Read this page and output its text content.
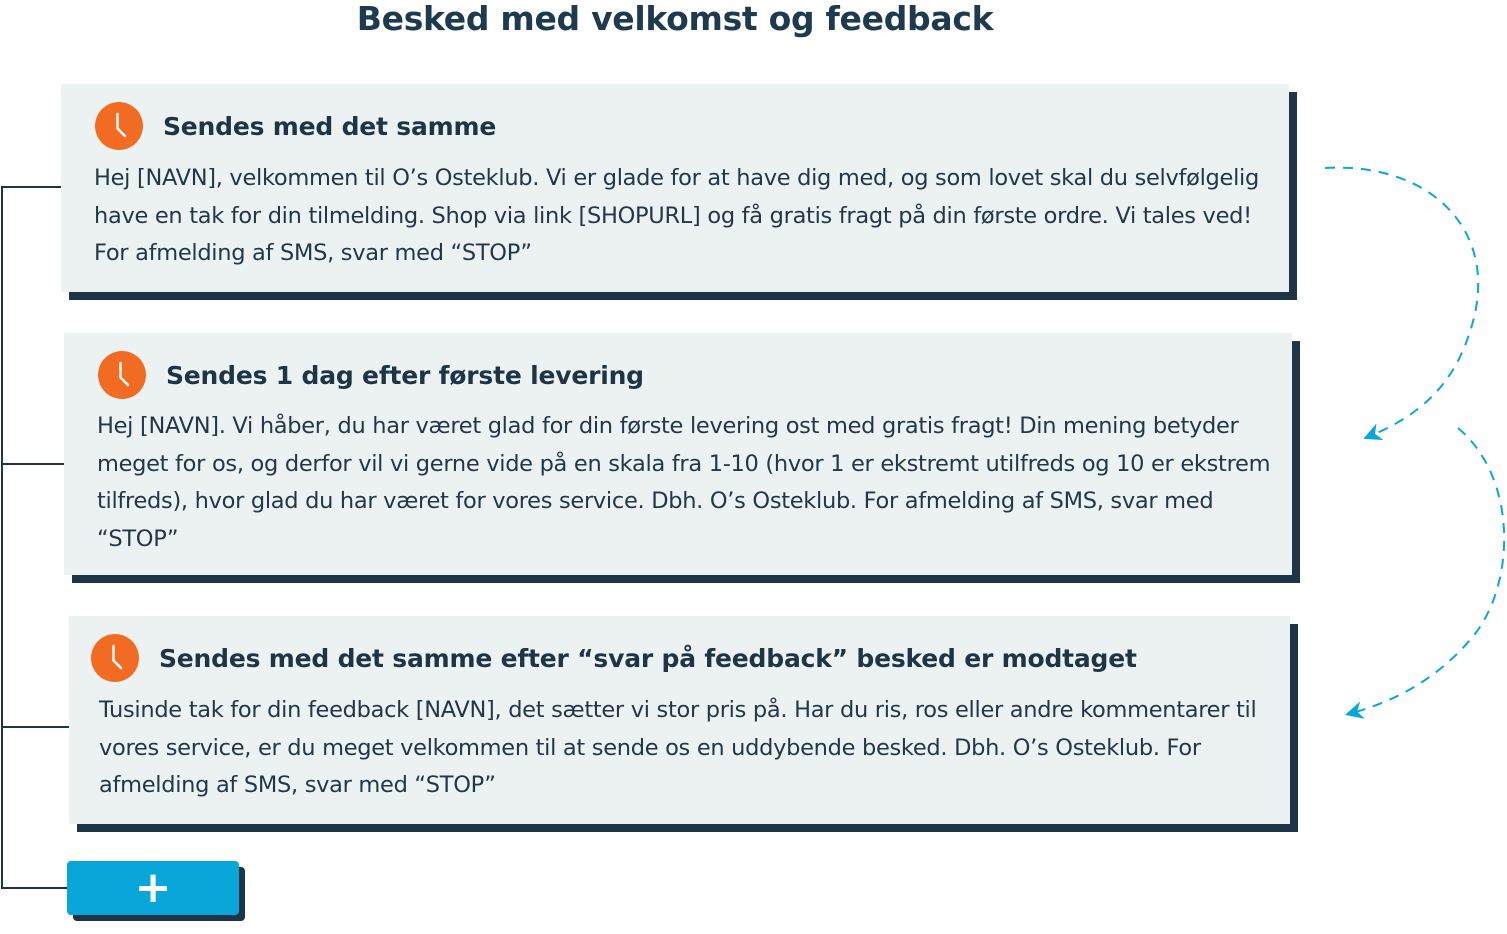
Besked med velkomst og feedback
Sendes med det samme
Hej [NAVN], velkommen til O’s Osteklub. Vi er glade for at have dig med, og som lovet skal du selvfølgelig have en tak for din tilmelding. Shop via link [SHOPURL] og få gratis fragt på din første ordre. Vi tales ved! For afmelding af SMS, svar med “STOP”
Sendes 1 dag efter første levering
Hej [NAVN]. Vi håber, du har været glad for din første levering ost med gratis fragt! Din mening betyder meget for os, og derfor vil vi gerne vide på en skala fra 1-10 (hvor 1 er ekstremt utilfreds og 10 er ekstrem tilfreds), hvor glad du har været for vores service. Dbh. O’s Osteklub. For afmelding af SMS, svar med “STOP”
Sendes med det samme efter “svar på feedback” besked er modtaget
Tusinde tak for din feedback [NAVN], det sætter vi stor pris på. Har du ris, ros eller andre kommentarer til vores service, er du meget velkommen til at sende os en uddybende besked. Dbh. O’s Osteklub. For afmelding af SMS, svar med “STOP”
+
